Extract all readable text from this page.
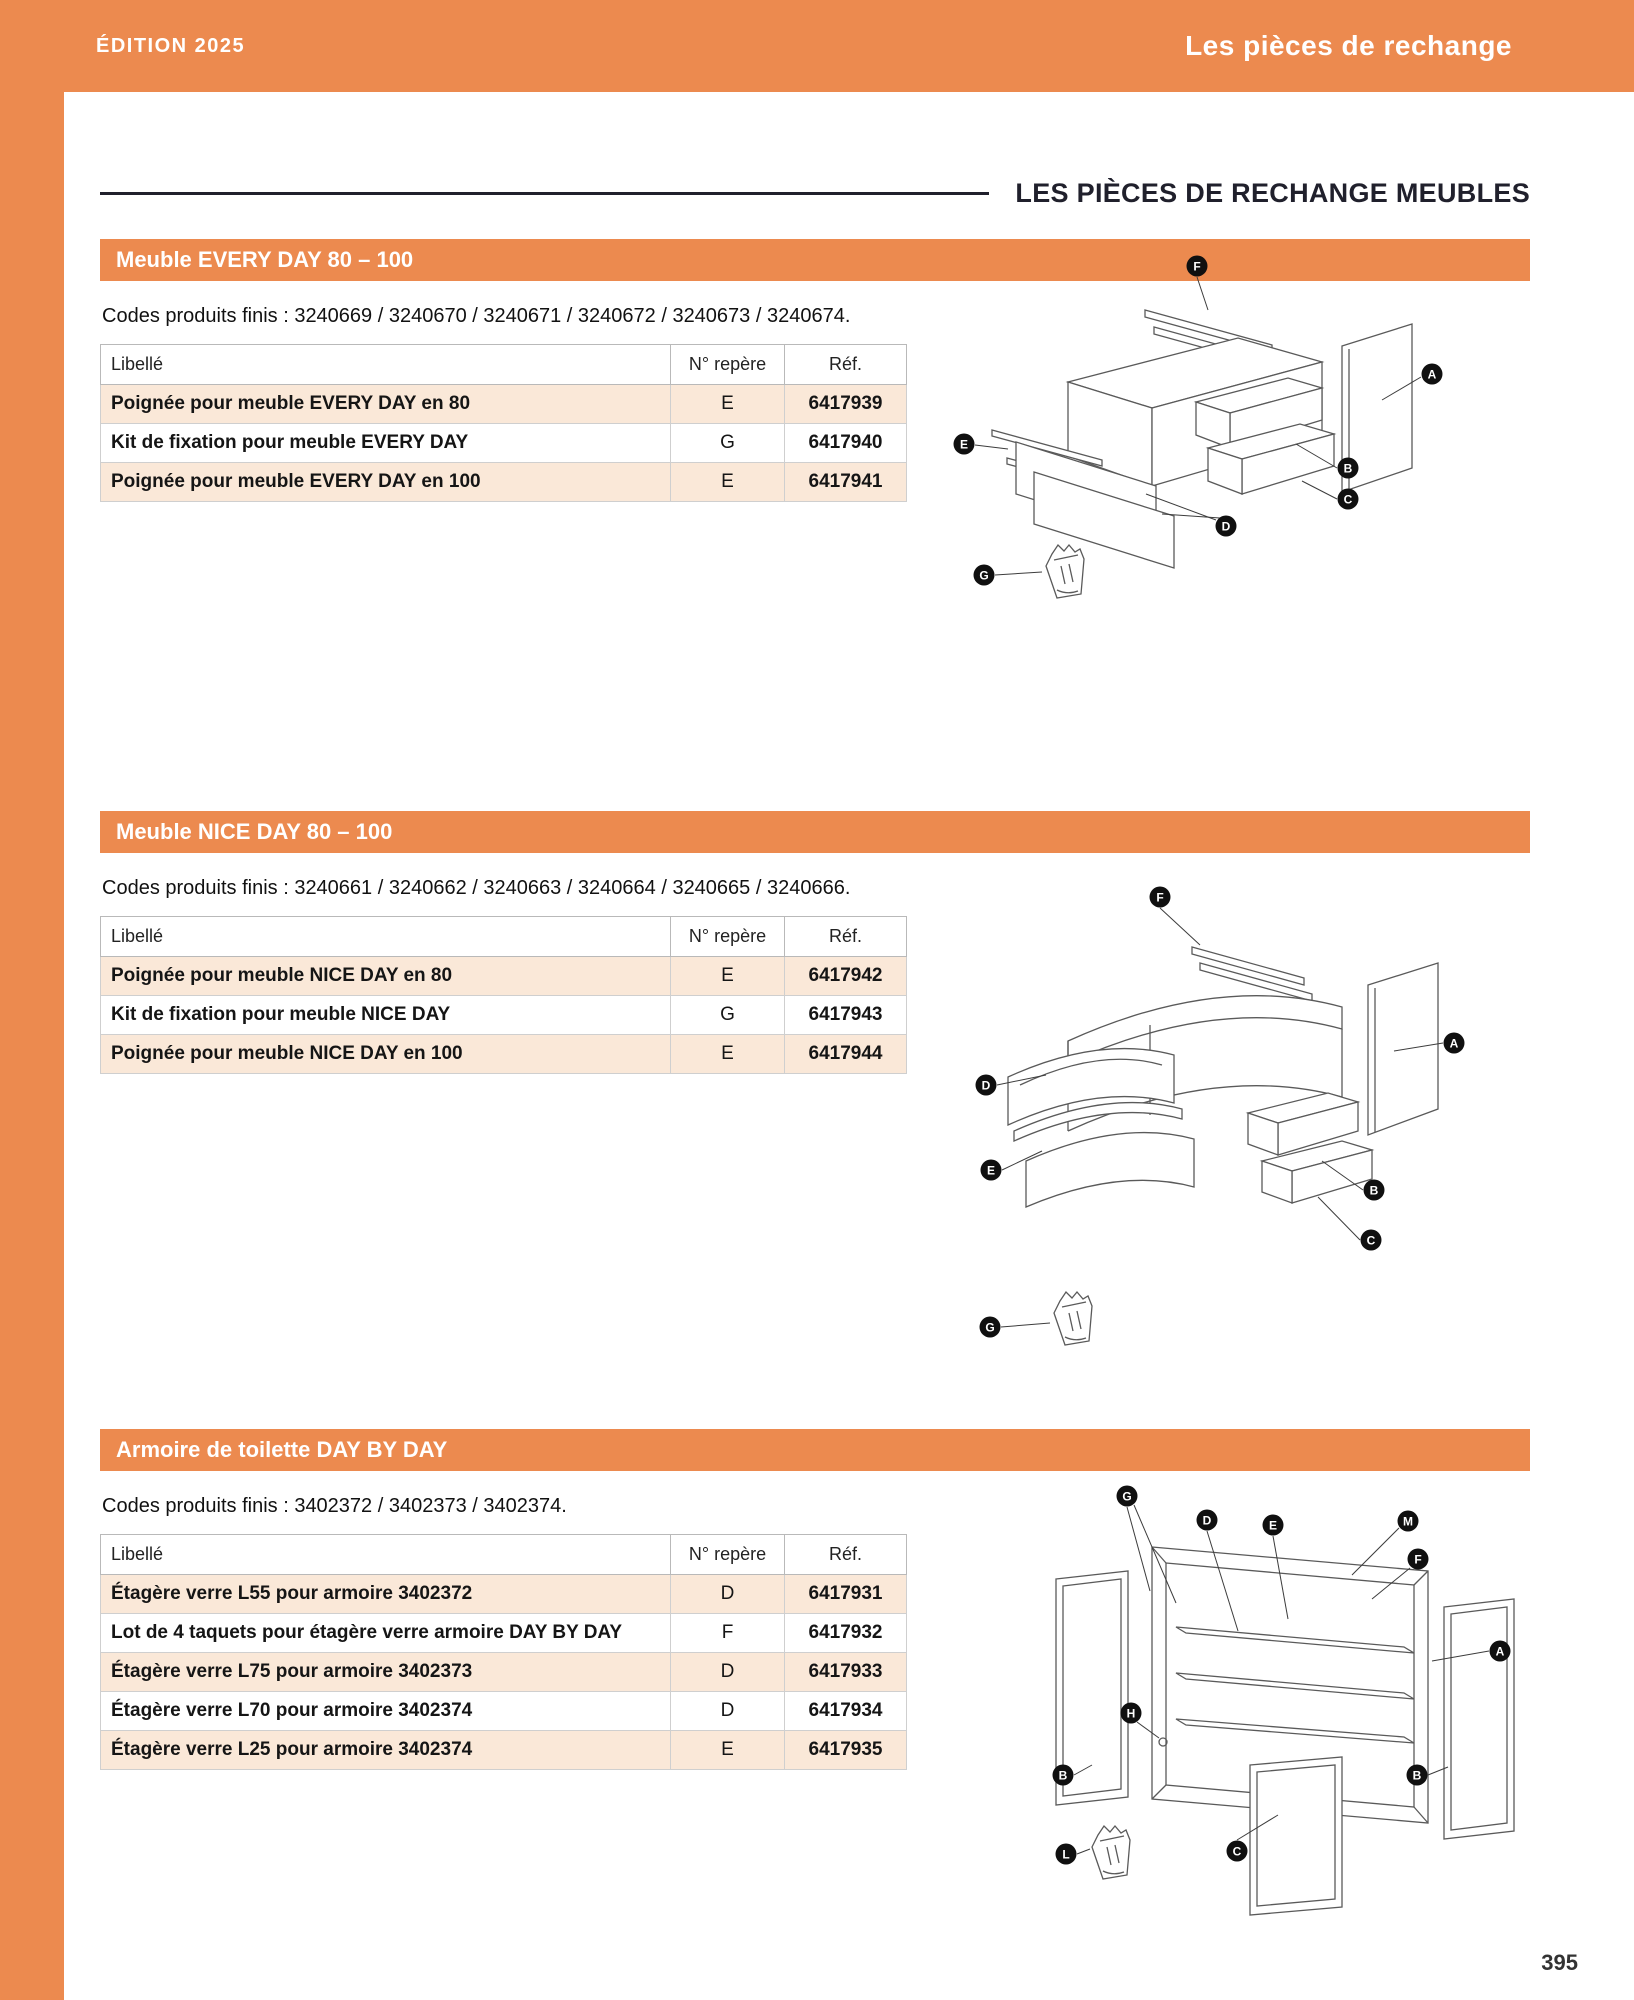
ÉDITION 2025	Les pièces de rechange
LES PIÈCES DE RECHANGE MEUBLES
Meuble EVERY DAY 80 – 100

Codes produits finis : 3240669 / 3240670 / 3240671 / 3240672 / 3240673 / 3240674.

Libellé	N° repère	Réf.
Poignée pour meuble EVERY DAY en 80	E	6417939
Kit de fixation pour meuble EVERY DAY	G	6417940
Poignée pour meuble EVERY DAY en 100	E	6417941
F
A
E
B
C
D
G
Meuble NICE DAY 80 – 100

Codes produits finis : 3240661 / 3240662 / 3240663 / 3240664 / 3240665 / 3240666.

Libellé	N° repère	Réf.
Poignée pour meuble NICE DAY en 80	E	6417942
Kit de fixation pour meuble NICE DAY	G	6417943
Poignée pour meuble NICE DAY en 100	E	6417944
F
A
D
E
B
C
G
Armoire de toilette DAY BY DAY

Codes produits finis : 3402372 / 3402373 / 3402374.

Libellé	N° repère	Réf.
Étagère verre L55 pour armoire 3402372	D	6417931
Lot de 4 taquets pour étagère verre armoire DAY BY DAY	F	6417932
Étagère verre L75 pour armoire 3402373	D	6417933
Étagère verre L70 pour armoire 3402374	D	6417934
Étagère verre L25 pour armoire 3402374	E	6417935
G
D	E	M
F
A
H
B	B
C
L
395
